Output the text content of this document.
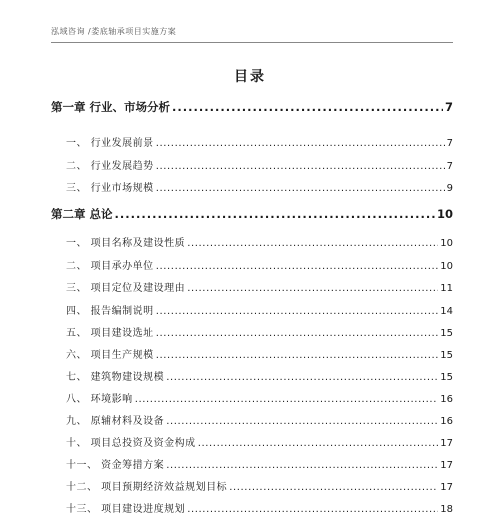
泓域咨询 /娄底轴承项目实施方案
目录
第一章 行业、市场分析 .....	7
一、 行业发展前景 .....	7
二、 行业发展趋势 .....	7
三、 行业市场规模 .....	9
第二章 总论 .....	10
一、 项目名称及建设性质 .....	10
二、 项目承办单位 .....	10
三、 项目定位及建设理由 .....	11
四、 报告编制说明 .....	14
五、 项目建设选址 .....	15
六、 项目生产规模 .....	15
七、 建筑物建设规模 .....	15
八、 环境影响 .....	16
九、 原辅材料及设备 .....	16
十、 项目总投资及资金构成 .....	17
十一、 资金筹措方案 .....	17
十二、 项目预期经济效益规划目标 .....	17
十三、 项目建设进度规划 .....	18
